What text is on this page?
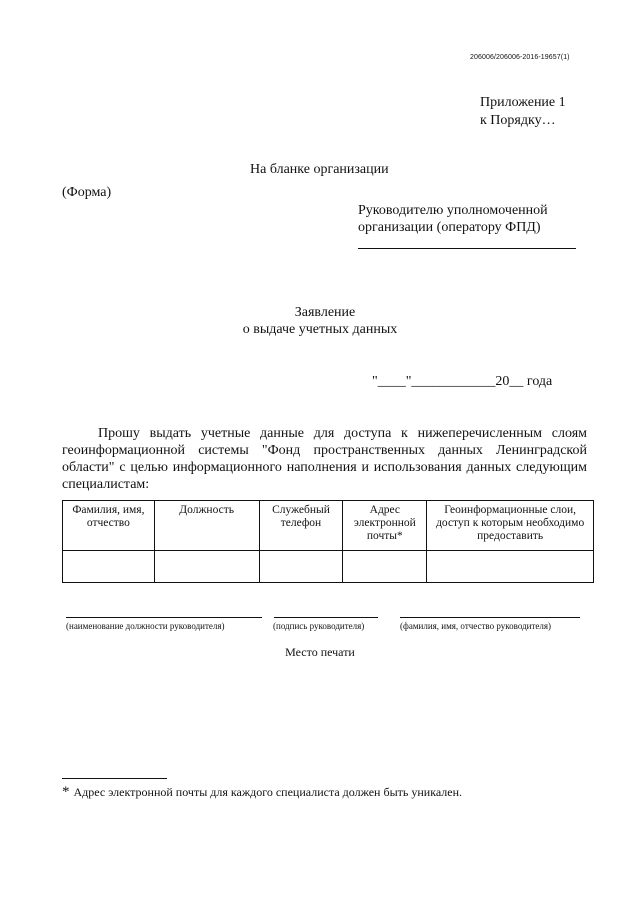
206006/206006-2016-19657(1)
Приложение 1
к Порядку…
На бланке организации
(Форма)
Руководителю уполномоченной
организации (оператору ФПД)
Заявление
о выдаче учетных данных
"____"____________20__ года
Прошу выдать учетные данные для доступа к нижеперечисленным слоям геоинформационной системы "Фонд пространственных данных Ленинградской области" с целью информационного наполнения и использования данных следующим специалистам:
Фамилия, имя, отчество	Должность	Служебный телефон	Адрес электронной почты*	Геоинформационные слои, доступ к которым необходимо предоставить

(наименование должности руководителя)	(подпись руководителя)	(фамилия, имя, отчество руководителя)
Место печати
* Адрес электронной почты для каждого специалиста должен быть уникален.
